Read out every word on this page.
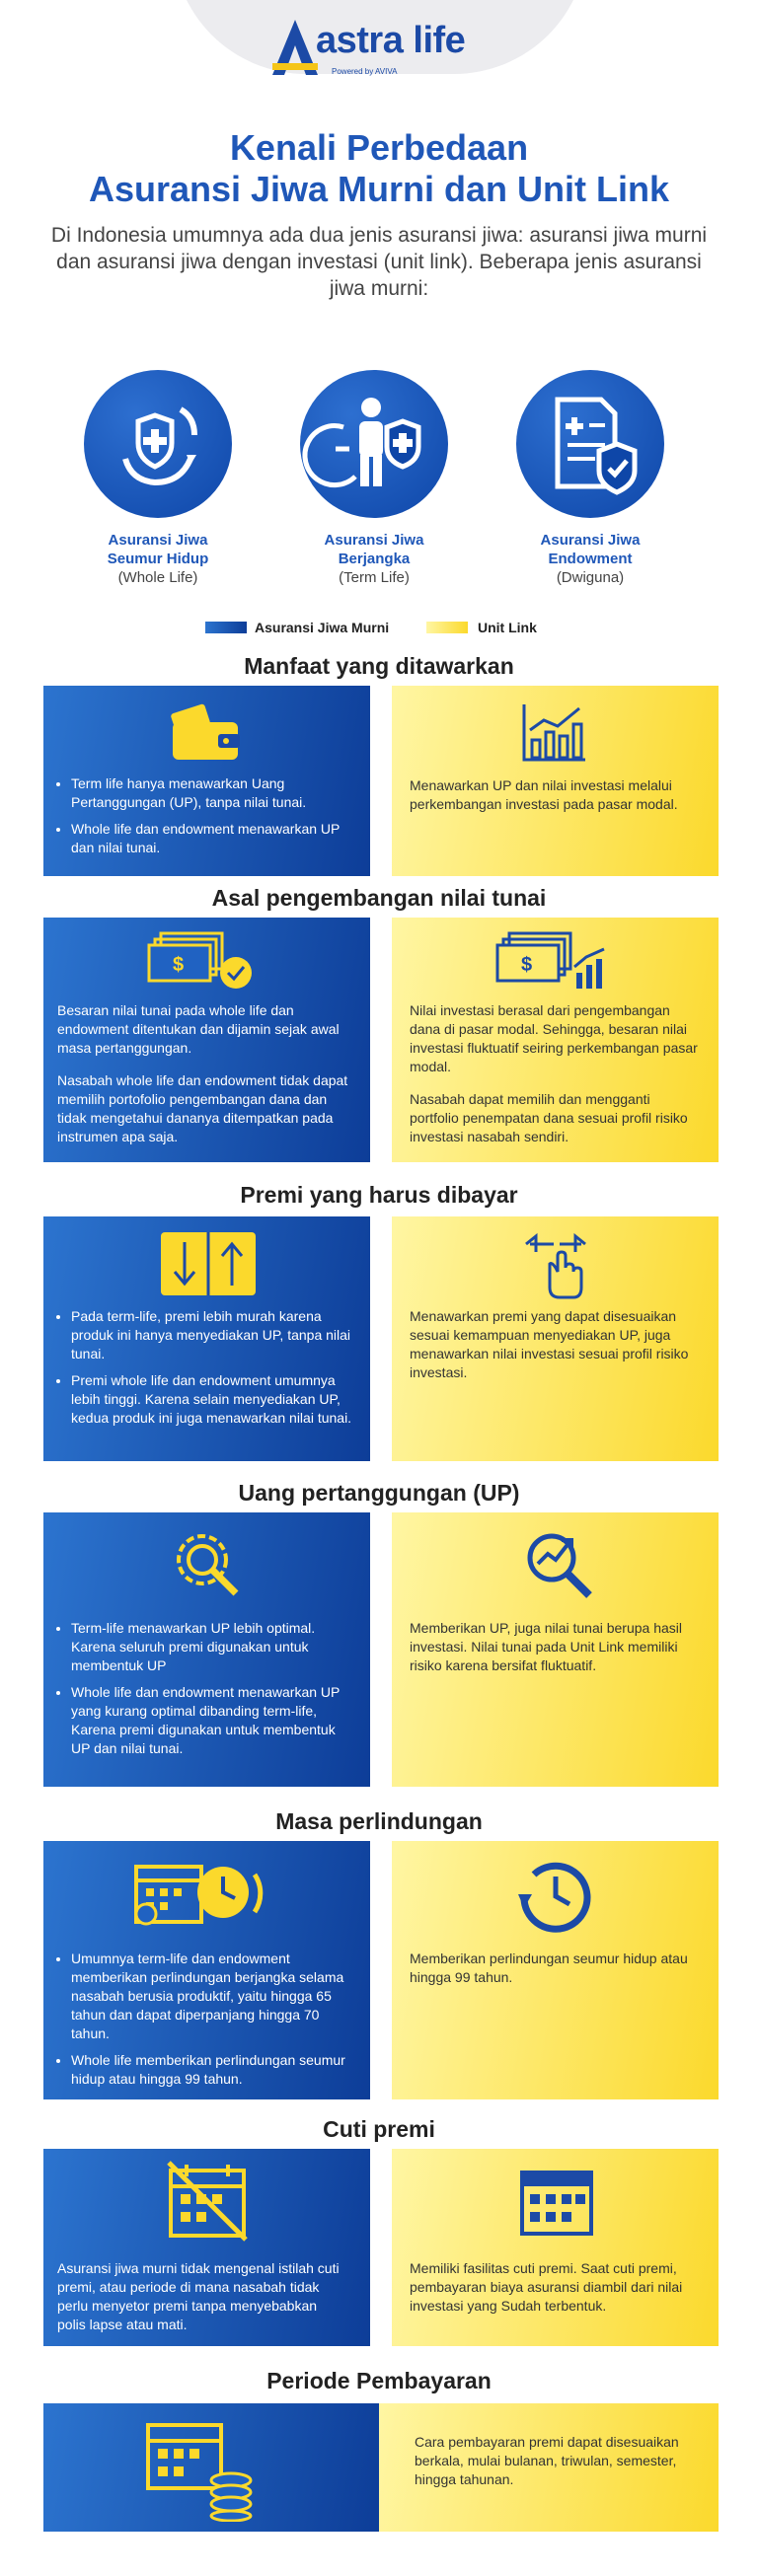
astra life
Powered by AVIVA
Kenali Perbedaan
Asuransi Jiwa Murni dan Unit Link
Di Indonesia umumnya ada dua jenis asuransi jiwa: asuransi jiwa murni dan asuransi jiwa dengan investasi (unit link). Beberapa jenis asuransi jiwa murni:
Asuransi Jiwa
Seumur Hidup
(Whole Life)
Asuransi Jiwa
Berjangka
(Term Life)
Asuransi Jiwa
Endowment
(Dwiguna)
Asuransi Jiwa Murni	Unit Link
Manfaat yang ditawarkan
• Term life hanya menawarkan Uang Pertanggungan (UP), tanpa nilai tunai.
• Whole life dan endowment menawarkan UP dan nilai tunai.
Menawarkan UP dan nilai investasi melalui perkembangan investasi pada pasar modal.
Asal pengembangan nilai tunai
$

Besaran nilai tunai pada whole life dan endowment ditentukan dan dijamin sejak awal masa pertanggungan.

Nasabah whole life dan endowment tidak dapat memilih portofolio pengembangan dana dan tidak mengetahui dananya ditempatkan pada instrumen apa saja.

$

Nilai investasi berasal dari pengembangan dana di pasar modal. Sehingga, besaran nilai investasi fluktuatif seiring perkembangan pasar modal.

Nasabah dapat memilih dan mengganti portfolio penempatan dana sesuai profil risiko investasi nasabah sendiri.

Premi yang harus dibayar
• Pada term-life, premi lebih murah karena produk ini hanya menyediakan UP, tanpa nilai tunai.
• Premi whole life dan endowment umumnya lebih tinggi. Karena selain menyediakan UP, kedua produk ini juga menawarkan nilai tunai.
Menawarkan premi yang dapat disesuaikan sesuai kemampuan menyediakan UP, juga menawarkan nilai investasi sesuai profil risiko investasi.
Uang pertanggungan (UP)
• Term-life menawarkan UP lebih optimal. Karena seluruh premi digunakan untuk membentuk UP
• Whole life dan endowment menawarkan UP yang kurang optimal dibanding term-life, Karena premi digunakan untuk membentuk UP dan nilai tunai.
Memberikan UP, juga nilai tunai berupa hasil investasi. Nilai tunai pada Unit Link memiliki risiko karena bersifat fluktuatif.
Masa perlindungan
• Umumnya term-life dan endowment memberikan perlindungan berjangka selama nasabah berusia produktif, yaitu hingga 65 tahun dan dapat diperpanjang hingga 70 tahun.
• Whole life memberikan perlindungan seumur hidup atau hingga 99 tahun.
Memberikan perlindungan seumur hidup atau hingga 99 tahun.
Cuti premi
Asuransi jiwa murni tidak mengenal istilah cuti premi, atau periode di mana nasabah tidak perlu menyetor premi tanpa menyebabkan polis lapse atau mati.
Memiliki fasilitas cuti premi. Saat cuti premi, pembayaran biaya asuransi diambil dari nilai investasi yang Sudah terbentuk.
Periode Pembayaran
Cara pembayaran premi dapat disesuaikan berkala, mulai bulanan, triwulan, semester, hingga tahunan.
